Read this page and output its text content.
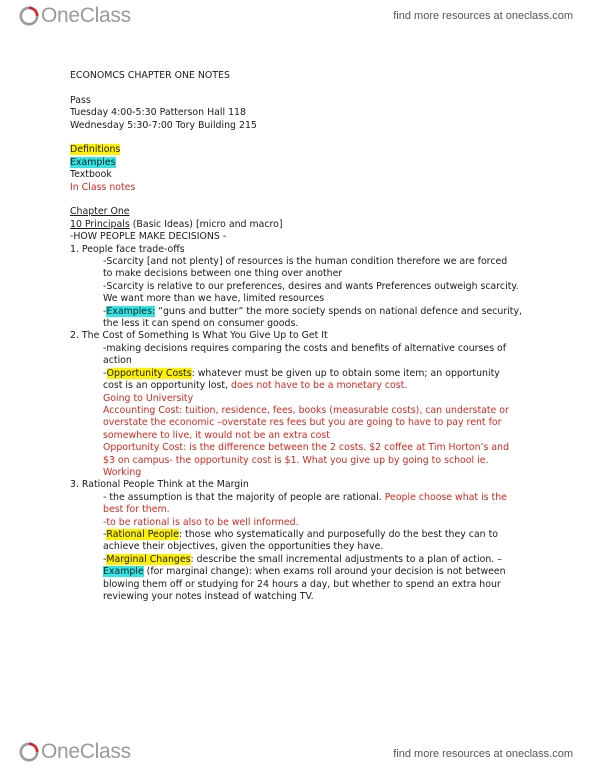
OneClass	find more resources at oneclass.com

ECONOMCS CHAPTER ONE NOTES

Pass

Tuesday 4:00-5:30 Patterson Hall 118

Wednesday 5:30-7:00 Tory Building 215

Definitions

Examples

Textbook

In Class notes

Chapter One

10 Principals (Basic Ideas) [micro and macro]

-HOW PEOPLE MAKE DECISIONS -

1. People face trade-offs

-Scarcity [and not plenty] of resources is the human condition therefore we are forced

to make decisions between one thing over another

-Scarcity is relative to our preferences, desires and wants Preferences outweigh scarcity.

We want more than we have, limited resources

-Examples: “guns and butter” the more society spends on national defence and security,

the less it can spend on consumer goods.

2. The Cost of Something Is What You Give Up to Get It

-making decisions requires comparing the costs and benefits of alternative courses of

action

-Opportunity Costs: whatever must be given up to obtain some item; an opportunity

cost is an opportunity lost, does not have to be a monetary cost.

Going to University

Accounting Cost: tuition, residence, fees, books (measurable costs), can understate or

overstate the economic –overstate res fees but you are going to have to pay rent for

somewhere to live, it would not be an extra cost

Opportunity Cost: is the difference between the 2 costs. $2 coffee at Tim Horton’s and

$3 on campus- the opportunity cost is $1. What you give up by going to school ie.

Working

3. Rational People Think at the Margin

- the assumption is that the majority of people are rational. People choose what is the

best for them.

-to be rational is also to be well informed.

-Rational People: those who systematically and purposefully do the best they can to

achieve their objectives, given the opportunities they have.

-Marginal Changes: describe the small incremental adjustments to a plan of action. –

Example (for marginal change): when exams roll around your decision is not between

blowing them off or studying for 24 hours a day, but whether to spend an extra hour

reviewing your notes instead of watching TV.

OneClass	find more resources at oneclass.com
